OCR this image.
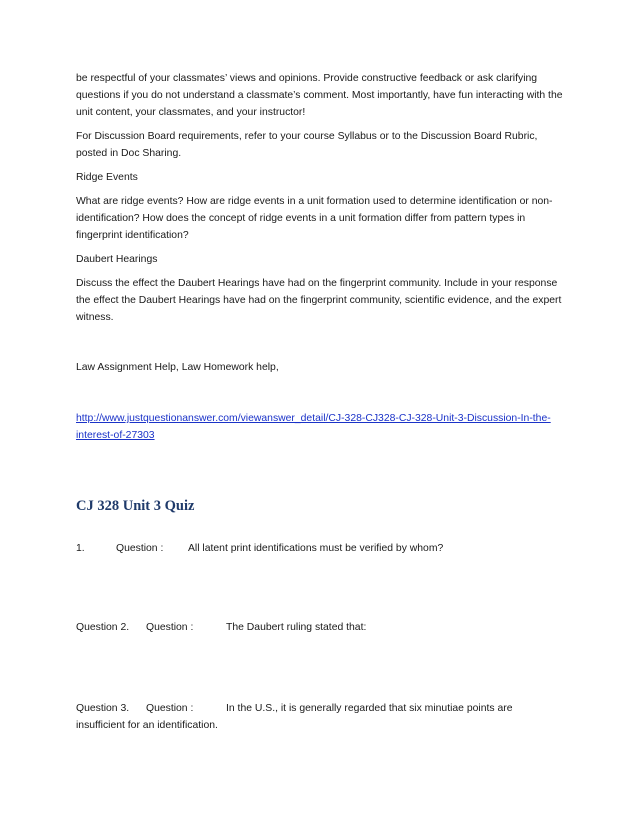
be respectful of your classmates’ views and opinions. Provide constructive feedback or ask clarifying questions if you do not understand a classmate’s comment. Most importantly, have fun interacting with the unit content, your classmates, and your instructor!

For Discussion Board requirements, refer to your course Syllabus or to the Discussion Board Rubric, posted in Doc Sharing.

Ridge Events

What are ridge events? How are ridge events in a unit formation used to determine identification or non-identification? How does the concept of ridge events in a unit formation differ from pattern types in fingerprint identification?

Daubert Hearings

Discuss the effect the Daubert Hearings have had on the fingerprint community. Include in your response the effect the Daubert Hearings have had on the fingerprint community, scientific evidence, and the expert witness.

Law Assignment Help, Law Homework help,

http://www.justquestionanswer.com/viewanswer_detail/CJ-328-CJ328-CJ-328-Unit-3-Discussion-In-the-interest-of-27303
CJ 328 Unit 3 Quiz
1.	Question :	All latent print identifications must be verified by whom?
Question 2.	Question :	The Daubert ruling stated that:
Question 3.	Question :	In the U.S., it is generally regarded that six minutiae points are
insufficient for an identification.
